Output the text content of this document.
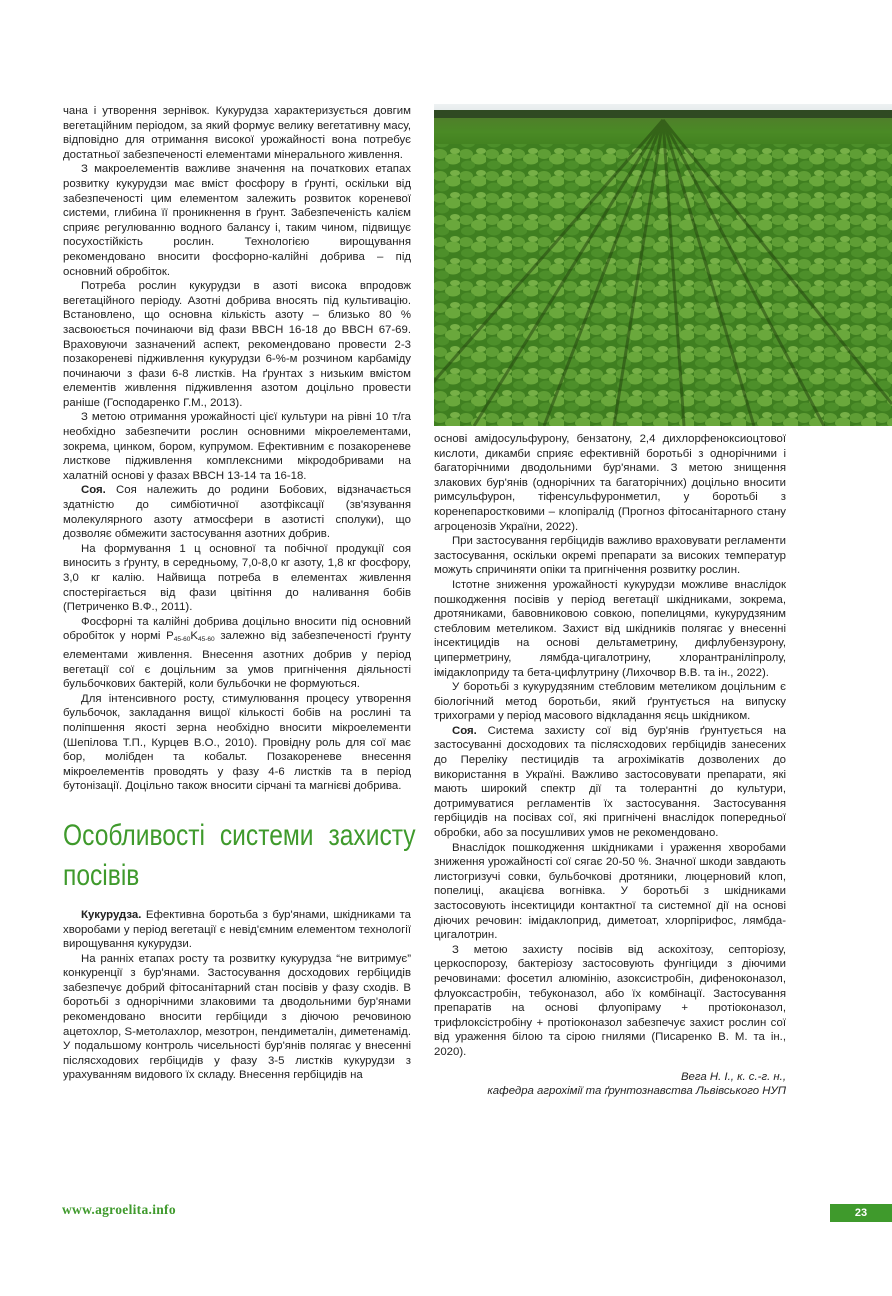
чана і утворення зернівок. Кукурудза характеризується довгим вегетаційним періодом, за який формує велику вегетативну масу, відповідно для отримання високої урожайності вона потребує достатньої забезпеченості елементами мінерального живлення.

З макроелементів важливе значення на початкових етапах розвитку кукурудзи має вміст фосфору в ґрунті, оскільки від забезпеченості цим елементом залежить розвиток кореневої системи, глибина її проникнення в ґрунт. Забезпеченість калієм сприяє регулюванню водного балансу і, таким чином, підвищує посухостійкість рослин. Технологією вирощування рекомендовано вносити фосфорно-калійні добрива – під основний обробіток.

Потреба рослин кукурудзи в азоті висока впродовж вегетаційного періоду. Азотні добрива вносять під культивацію. Встановлено, що основна кількість азоту – близько 80 % засвоюється починаючи від фази BBCH 16-18 до BBCH 67-69. Враховуючи зазначений аспект, рекомендовано провести 2-3 позакореневі підживлення кукурудзи 6-%-м розчином карбаміду починаючи з фази 6-8 листків. На ґрунтах з низьким вмістом елементів живлення підживлення азотом доцільно провести раніше (Господаренко Г.М., 2013).

З метою отримання урожайності цієї культури на рівні 10 т/га необхідно забезпечити рослин основними мікроелементами, зокрема, цинком, бором, купрумом. Ефективним є позакореневе листкове підживлення комплексними мікродобривами на халатній основі у фазах BBCH 13-14 та 16-18.

Соя. Соя належить до родини Бобових, відзначається здатністю до симбіотичної азотфіксації (зв'язування молекулярного азоту атмосфери в азотисті сполуки), що дозволяє обмежити застосування азотних добрив.

На формування 1 ц основної та побічної продукції соя виносить з ґрунту, в середньому, 7,0-8,0 кг азоту, 1,8 кг фосфору, 3,0 кг калію. Найвища потреба в елементах живлення спостерігається від фази цвітіння до наливання бобів (Петриченко В.Ф., 2011).

Фосфорні та калійні добрива доцільно вносити під основний обробіток у нормі $P_{45-60}K_{45-60}$ залежно від забезпеченості ґрунту елементами живлення. Внесення азотних добрив у період вегетації сої є доцільним за умов пригнічення діяльності бульбочкових бактерій, коли бульбочки не формуються.

Для інтенсивного росту, стимулювання процесу утворення бульбочок, закладання вищої кількості бобів на рослині та поліпшення якості зерна необхідно вносити мікроелементи (Шепілова Т.П., Курцев В.О., 2010). Провідну роль для сої має бор, молібден та кобальт. Позакореневе внесення мікроелементів проводять у фазу 4-6 листків та в період бутонізації. Доцільно також вносити сірчані та магнієві добрива.

Особливості системи захисту посівів

Кукурудза. Ефективна боротьба з бур'янами, шкідниками та хворобами у період вегетації є невід'ємним елементом технології вирощування кукурудзи.

На ранніх етапах росту та розвитку кукурудза “не витримує” конкуренції з бур'янами. Застосування досходових гербіцидів забезпечує добрий фітосанітарний стан посівів у фазу сходів. В боротьбі з однорічними злаковими та дводольними бур'янами рекомендовано вносити гербіциди з діючою речовиною ацетохлор, S-метолахлор, мезотрон, пендиметалін, диметенамід. У подальшому контроль чисельності бур'янів полягає у внесенні післясходових гербіцидів у фазу 3-5 листків кукурудзи з урахуванням видового їх складу. Внесення гербіцидів на

основі амідосульфурону, бензатону, 2,4 дихлорфеноксиоцтової кислоти, дикамби сприяє ефективній боротьбі з однорічними і багаторічними дводольними бур'янами. З метою знищення злакових бур'янів (однорічних та багаторічних) доцільно вносити римсульфурон, тіфенсульфуронметил, у боротьбі з коренепаростковими – клопіралід (Прогноз фітосанітарного стану агроценозів України, 2022).

При застосування гербіцидів важливо враховувати регламенти застосування, оскільки окремі препарати за високих температур можуть спричиняти опіки та пригнічення розвитку рослин.

Істотне зниження урожайності кукурудзи можливе внаслідок пошкодження посівів у період вегетації шкідниками, зокрема, дротяниками, бавовниковою совкою, попелицями, кукурудзяним стебловим метеликом. Захист від шкідників полягає у внесенні інсектицидів на основі дельтаметрину, дифлубензурону, циперметрину, лямбда-цигалотрину, хлорантраніліпролу, імідаклоприду та бета-цифлутрину (Лихочвор В.В. та ін., 2022).

У боротьбі з кукурудзяним стебловим метеликом доцільним є біологічний метод боротьби, який ґрунтується на випуску трихограми у період масового відкладання яєць шкідником.

Соя. Система захисту сої від бур'янів ґрунтується на застосуванні досходових та післясходових гербіцидів занесених до Переліку пестицидів та агрохімікатів дозволених до використання в Україні. Важливо застосовувати препарати, які мають широкий спектр дії та толерантні до культури, дотримуватися регламентів їх застосування. Застосування гербіцидів на посівах сої, які пригнічені внаслідок попередньої обробки, або за посушливих умов не рекомендовано.

Внаслідок пошкодження шкідниками і ураження хворобами зниження урожайності сої сягає 20-50 %. Значної шкоди завдають листогризучі совки, бульбочкові дротяники, люцерновий клоп, попелиці, акацієва вогнівка. У боротьбі з шкідниками застосовують інсектициди контактної та системної дії на основі діючих речовин: імідаклоприд, диметоат, хлорпірифос, лямбда-цигалотрин.

З метою захисту посівів від аскохітозу, септоріозу, церкоспорозу, бактеріозу застосовують фунгіциди з діючими речовинами: фосетил алюмінію, азоксистробін, дифеноконазол, флуоксастробін, тебуконазол, або їх комбінації. Застосування препаратів на основі флуопіраму + протіоконазол, трифлоксістробіну + протіоконазол забезпечує захист рослин сої від ураження білою та сірою гнилями (Писаренко В. М. та ін., 2020).

Вега Н. І., к. с.-г. н.,

кафедра агрохімії та ґрунтознавства Львівського НУП

www.agroelita.info	23
